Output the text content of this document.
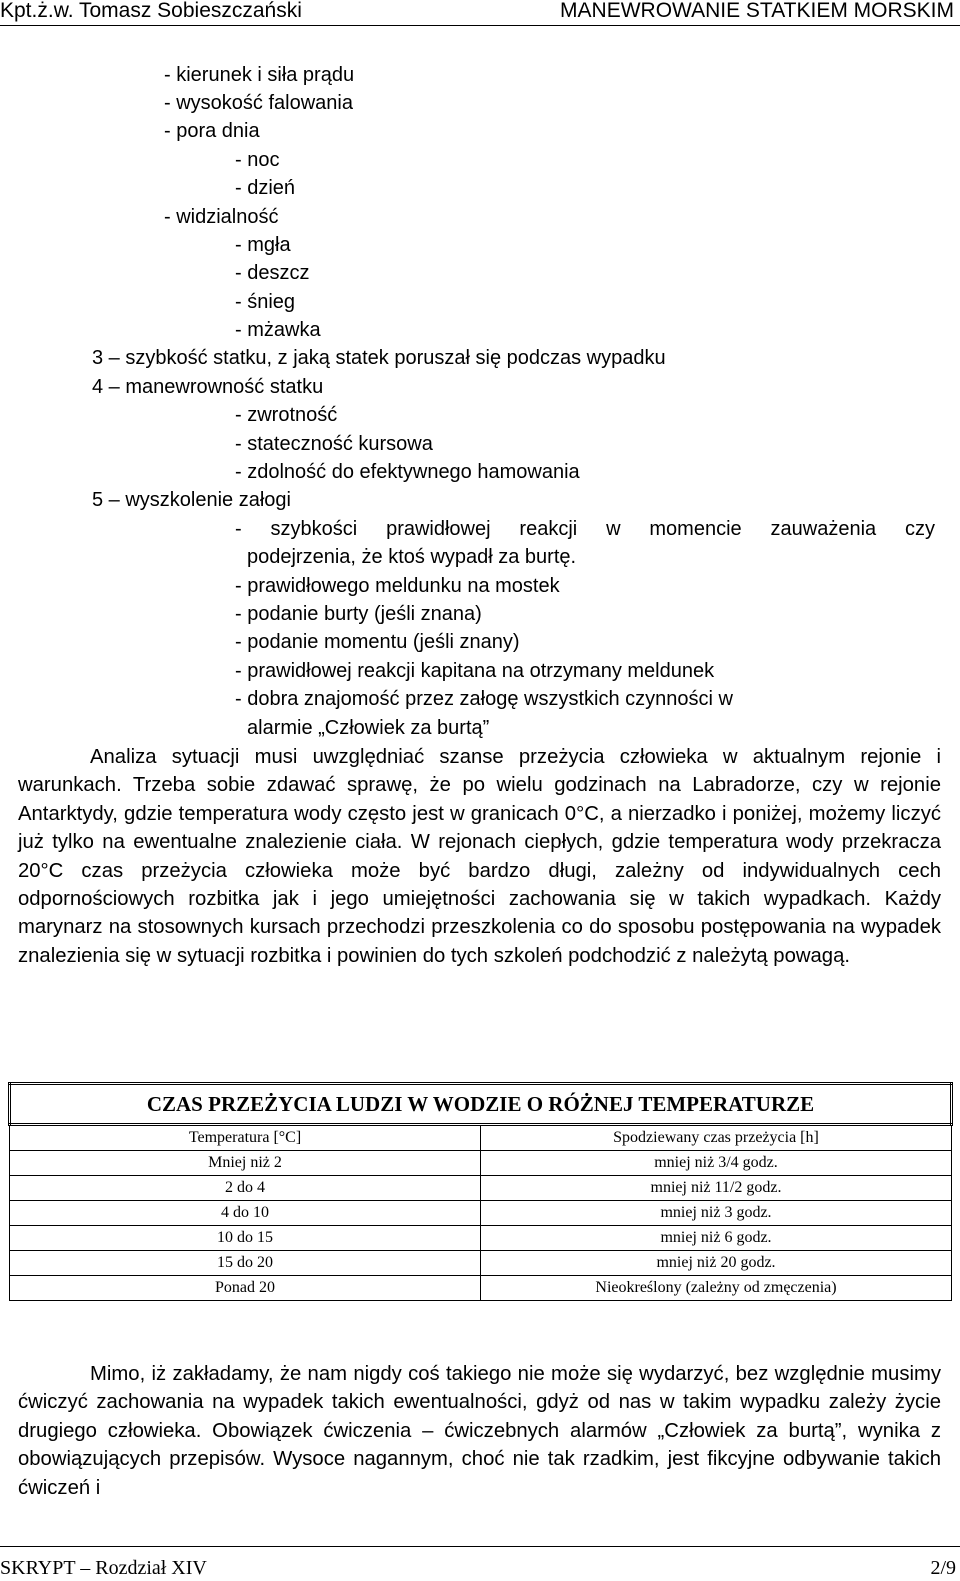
Kpt.ż.w. Tomasz Sobieszczański	MANEWROWANIE STATKIEM MORSKIM
- kierunek i siła prądu
- wysokość falowania
- pora dnia
- noc
- dzień
- widzialność
- mgła
- deszcz
- śnieg
- mżawka
3 – szybkość statku, z jaką statek poruszał się podczas wypadku
4 – manewrowność statku
- zwrotność
- stateczność kursowa
- zdolność do efektywnego hamowania
5 – wyszkolenie załogi
- szybkości prawidłowej reakcji w momencie zauważenia czy
podejrzenia, że ktoś wypadł za burtę.
- prawidłowego meldunku na mostek
- podanie burty (jeśli znana)
- podanie momentu (jeśli znany)
- prawidłowej reakcji kapitana na otrzymany meldunek
- dobra znajomość przez załogę wszystkich czynności w
alarmie „Człowiek za burtą”
Analiza sytuacji musi uwzględniać szanse przeżycia człowieka w aktualnym rejonie i warunkach. Trzeba sobie zdawać sprawę, że po wielu godzinach na Labradorze, czy w rejonie Antarktydy, gdzie temperatura wody często jest w granicach 0°C, a nierzadko i poniżej, możemy liczyć już tylko na ewentualne znalezienie ciała. W rejonach ciepłych, gdzie temperatura wody przekracza 20°C czas przeżycia człowieka może być bardzo długi, zależny od indywidualnych cech odpornościowych rozbitka jak i jego umiejętności zachowania się w takich wypadkach. Każdy marynarz na stosownych kursach przechodzi przeszkolenia co do sposobu postępowania na wypadek znalezienia się w sytuacji rozbitka i powinien do tych szkoleń podchodzić z należytą powagą.
CZAS PRZEŻYCIA LUDZI W WODZIE O RÓŻNEJ TEMPERATURZE	
Temperatura [°C]	Spodziewany czas przeżycia [h]
Mniej niż 2	mniej niż 3/4 godz.
2 do 4	mniej niż 11/2 godz.
4 do 10	mniej niż 3 godz.
10 do 15	mniej niż 6 godz.
15 do 20	mniej niż 20 godz.
Ponad 20	Nieokreślony (zależny od zmęczenia)
Mimo, iż zakładamy, że nam nigdy coś takiego nie może się wydarzyć, bez względnie musimy ćwiczyć zachowania na wypadek takich ewentualności, gdyż od nas w takim wypadku zależy życie drugiego człowieka. Obowiązek ćwiczenia – ćwiczebnych alarmów „Człowiek za burtą”, wynika z obowiązujących przepisów. Wysoce nagannym, choć nie tak rzadkim, jest fikcyjne odbywanie takich ćwiczeń i
SKRYPT – Rozdział XIV	2/9
